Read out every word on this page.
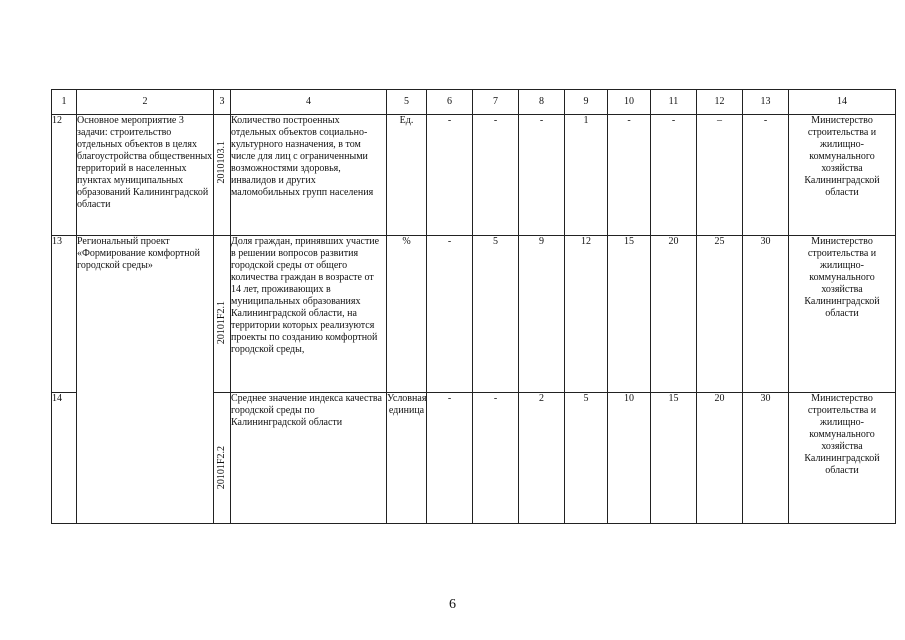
1	2	3	4	5	6	7	8	9	10	11	12	13	14
12	Основное мероприятие 3 задачи: строительство отдельных объектов в целях благоустройства общественных территорий в населенных пунктах муниципальных образований Калининградской области	2010103.1	Количество построенных отдельных объектов социально-культурного назначения, в том числе для лиц с ограниченными возможностями здоровья, инвалидов и других маломобильных групп населения	Ед.	-	-	-	1	-	-	–	-	Министерство строительства и жилищно-коммунального хозяйства Калининградской области
13	Региональный проект «Формирование комфортной городской среды»	20101F2.1	Доля граждан, принявших участие в решении вопросов развития городской среды от общего количества граждан в возрасте от 14 лет, проживающих в муниципальных образованиях Калининградской области, на территории которых реализуются проекты по созданию комфортной городской среды,	%	-	5	9	12	15	20	25	30	Министерство строительства и жилищно-коммунального хозяйства Калининградской области
14		20101F2.2	Среднее значение индекса качества городской среды по Калининградской области	Условная единица	-	-	2	5	10	15	20	30	Министерство строительства и жилищно-коммунального хозяйства Калининградской области
6
